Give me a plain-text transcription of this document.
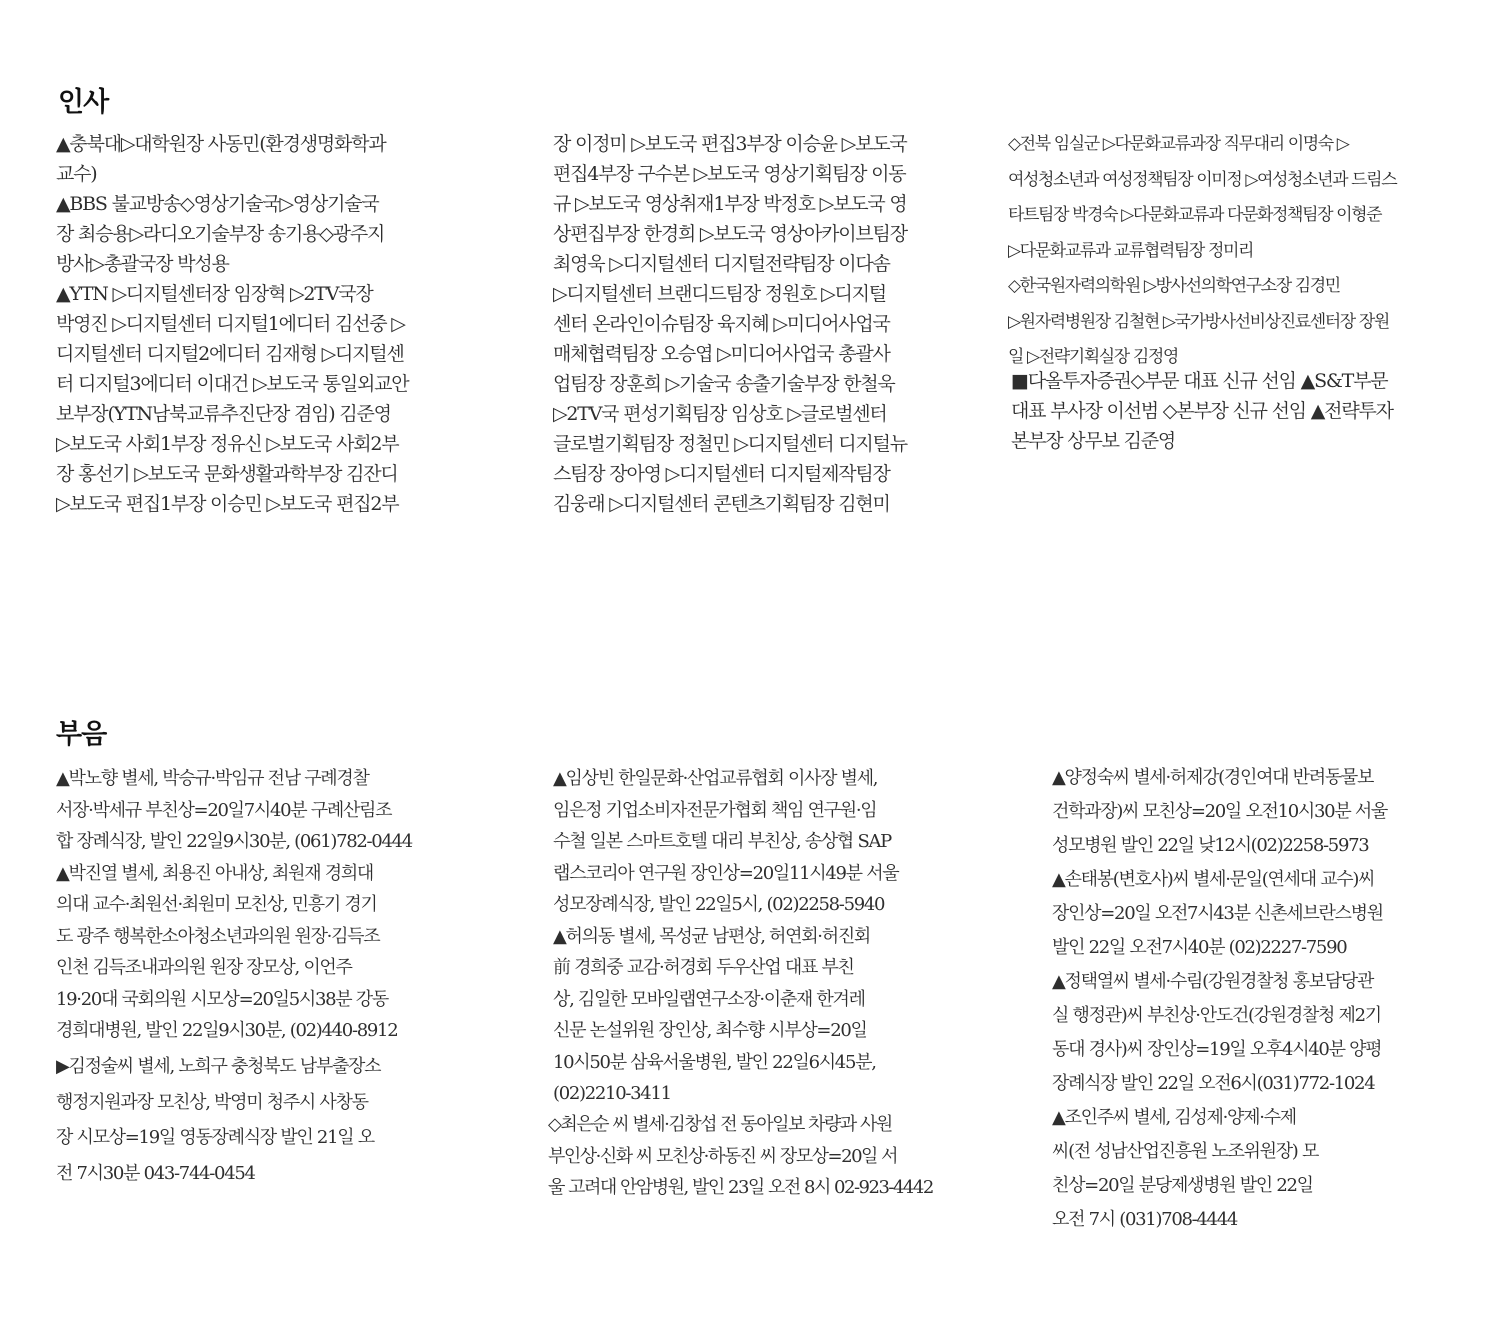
인사

▲충북대▷대학원장 사동민(환경생명화학과
교수)
▲BBS 불교방송◇영상기술국▷영상기술국
장 최승용▷라디오기술부장 송기용◇광주지
방사▷총괄국장 박성용
▲YTN ▷디지털센터장 임장혁 ▷2TV국장
박영진 ▷디지털센터 디지털1에디터 김선중 ▷
디지털센터 디지털2에디터 김재형 ▷디지털센
터 디지털3에디터 이대건 ▷보도국 통일외교안
보부장(YTN남북교류추진단장 겸임) 김준영
▷보도국 사회1부장 정유신 ▷보도국 사회2부
장 홍선기 ▷보도국 문화생활과학부장 김잔디
▷보도국 편집1부장 이승민 ▷보도국 편집2부

장 이정미 ▷보도국 편집3부장 이승윤 ▷보도국
편집4부장 구수본 ▷보도국 영상기획팀장 이동
규 ▷보도국 영상취재1부장 박정호 ▷보도국 영
상편집부장 한경희 ▷보도국 영상아카이브팀장
최영욱 ▷디지털센터 디지털전략팀장 이다솜
▷디지털센터 브랜디드팀장 정원호 ▷디지털
센터 온라인이슈팀장 육지혜 ▷미디어사업국
매체협력팀장 오승엽 ▷미디어사업국 총괄사
업팀장 장훈희 ▷기술국 송출기술부장 한철욱
▷2TV국 편성기획팀장 임상호 ▷글로벌센터
글로벌기획팀장 정철민 ▷디지털센터 디지털뉴
스팀장 장아영 ▷디지털센터 디지털제작팀장
김웅래 ▷디지털센터 콘텐츠기획팀장 김현미

◇전북 임실군 ▷다문화교류과장 직무대리 이명숙 ▷
여성청소년과 여성정책팀장 이미정 ▷여성청소년과 드림스
타트팀장 박경숙 ▷다문화교류과 다문화정책팀장 이형준
▷다문화교류과 교류협력팀장 정미리
◇한국원자력의학원 ▷방사선의학연구소장 김경민
▷원자력병원장 김철현 ▷국가방사선비상진료센터장 장원
일 ▷전략기획실장 김정영

■다올투자증권◇부문 대표 신규 선임 ▲S&T부문
대표 부사장 이선범 ◇본부장 신규 선임 ▲전략투자
본부장 상무보 김준영

부음

▲박노향 별세, 박승규·박임규 전남 구례경찰
서장·박세규 부친상=20일7시40분 구례산림조
합 장례식장, 발인 22일9시30분, (061)782-0444
▲박진열 별세, 최용진 아내상, 최원재 경희대
의대 교수·최원선·최원미 모친상, 민흥기 경기
도 광주 행복한소아청소년과의원 원장·김득조
인천 김득조내과의원 원장 장모상, 이언주
19·20대 국회의원 시모상=20일5시38분 강동
경희대병원, 발인 22일9시30분, (02)440-8912

▶김정술씨 별세, 노희구 충청북도 남부출장소
행정지원과장 모친상, 박영미 청주시 사창동
장 시모상=19일 영동장례식장 발인 21일 오
전 7시30분 043-744-0454

▲임상빈 한일문화·산업교류협회 이사장 별세,
임은정 기업소비자전문가협회 책임 연구원·임
수철 일본 스마트호텔 대리 부친상, 송상협 SAP
랩스코리아 연구원 장인상=20일11시49분 서울
성모장례식장, 발인 22일5시, (02)2258-5940
▲허의동 별세, 목성균 남편상, 허연회·허진회
前 경희중 교감·허경회 두우산업 대표 부친
상, 김일한 모바일랩연구소장·이춘재 한겨레
신문 논설위원 장인상, 최수향 시부상=20일
10시50분 삼육서울병원, 발인 22일6시45분,
(02)2210-3411

◇최은순 씨 별세·김창섭 전 동아일보 차량과 사원
부인상·신화 씨 모친상·하동진 씨 장모상=20일 서
울 고려대 안암병원, 발인 23일 오전 8시 02-923-4442

▲양정숙씨 별세·허제강(경인여대 반려동물보
건학과장)씨 모친상=20일 오전10시30분 서울
성모병원 발인 22일 낮12시(02)2258-5973
▲손태봉(변호사)씨 별세·문일(연세대 교수)씨
장인상=20일 오전7시43분 신촌세브란스병원
발인 22일 오전7시40분 (02)2227-7590
▲정택열씨 별세·수림(강원경찰청 홍보담당관
실 행정관)씨 부친상·안도건(강원경찰청 제2기
동대 경사)씨 장인상=19일 오후4시40분 양평
장례식장 발인 22일 오전6시(031)772-1024
▲조인주씨 별세, 김성제·양제·수제
씨(전 성남산업진흥원 노조위원장) 모
친상=20일 분당제생병원 발인 22일
오전 7시 (031)708-4444
